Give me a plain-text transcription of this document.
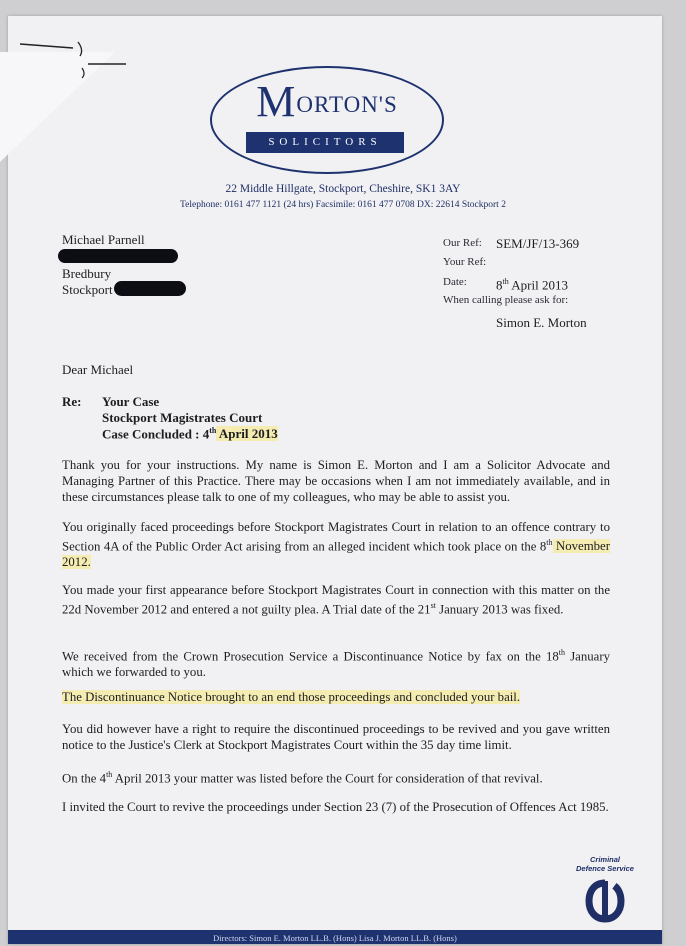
MORTON'S
SOLICITORS
22 Middle Hillgate, Stockport, Cheshire, SK1 3AY
Telephone: 0161 477 1121 (24 hrs) Facsimile: 0161 477 0708 DX: 22614 Stockport 2
Michael Parnell
Bredbury
Stockport
Our Ref: SEM/JF/13-369
Your Ref:
Date: 8th April 2013
When calling please ask for:
Simon E. Morton
Dear Michael
Re: Your Case
Stockport Magistrates Court
Case Concluded : 4th April 2013
Thank you for your instructions. My name is Simon E. Morton and I am a Solicitor Advocate and Managing Partner of this Practice. There may be occasions when I am not immediately available, and in these circumstances please talk to one of my colleagues, who may be able to assist you.
You originally faced proceedings before Stockport Magistrates Court in relation to an offence contrary to Section 4A of the Public Order Act arising from an alleged incident which took place on the 8th November 2012.
You made your first appearance before Stockport Magistrates Court in connection with this matter on the 22d November 2012 and entered a not guilty plea. A Trial date of the 21st January 2013 was fixed.
We received from the Crown Prosecution Service a Discontinuance Notice by fax on the 18th January which we forwarded to you.
The Discontinuance Notice brought to an end those proceedings and concluded your bail.
You did however have a right to require the discontinued proceedings to be revived and you gave written notice to the Justice's Clerk at Stockport Magistrates Court within the 35 day time limit.
On the 4th April 2013 your matter was listed before the Court for consideration of that revival.
I invited the Court to revive the proceedings under Section 23 (7) of the Prosecution of Offences Act 1985.
Criminal
Defence Service
Directors: Simon E. Morton LL.B. (Hons) Lisa J. Morton LL.B. (Hons)
